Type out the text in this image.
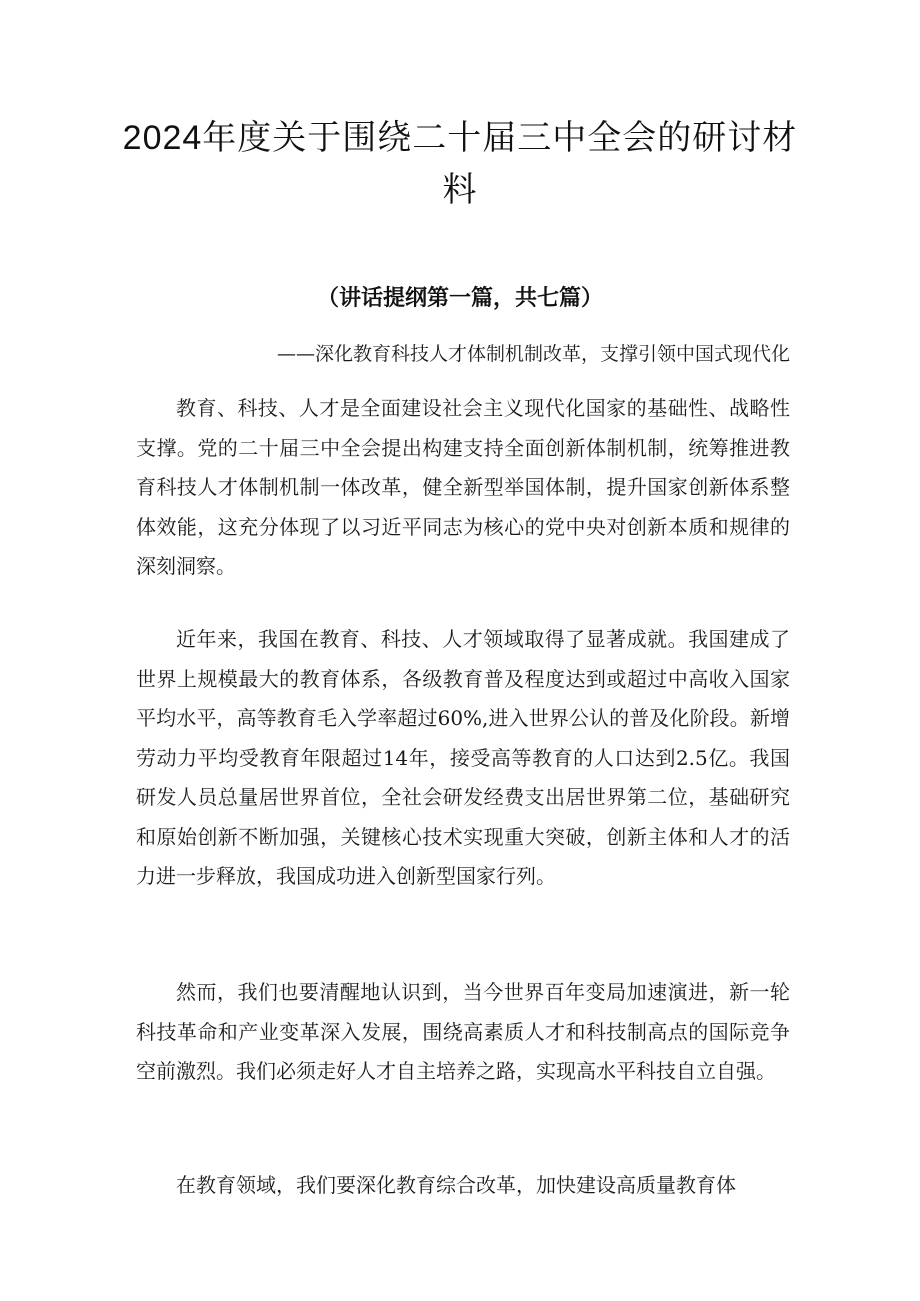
2024年度关于围绕二十届三中全会的研讨材料

（讲话提纲第一篇，共七篇）

——深化教育科技人才体制机制改革，支撑引领中国式现代化

教育、科技、人才是全面建设社会主义现代化国家的基础性、战略性支撑。党的二十届三中全会提出构建支持全面创新体制机制，统筹推进教育科技人才体制机制一体改革，健全新型举国体制，提升国家创新体系整体效能，这充分体现了以习近平同志为核心的党中央对创新本质和规律的深刻洞察。

近年来，我国在教育、科技、人才领域取得了显著成就。我国建成了世界上规模最大的教育体系，各级教育普及程度达到或超过中高收入国家平均水平，高等教育毛入学率超过60%,进入世界公认的普及化阶段。新增劳动力平均受教育年限超过14年，接受高等教育的人口达到2.5亿。我国研发人员总量居世界首位，全社会研发经费支出居世界第二位，基础研究和原始创新不断加强，关键核心技术实现重大突破，创新主体和人才的活力进一步释放，我国成功进入创新型国家行列。

然而，我们也要清醒地认识到，当今世界百年变局加速演进，新一轮科技革命和产业变革深入发展，围绕高素质人才和科技制高点的国际竞争空前激烈。我们必须走好人才自主培养之路，实现高水平科技自立自强。

在教育领域，我们要深化教育综合改革，加快建设高质量教育体
